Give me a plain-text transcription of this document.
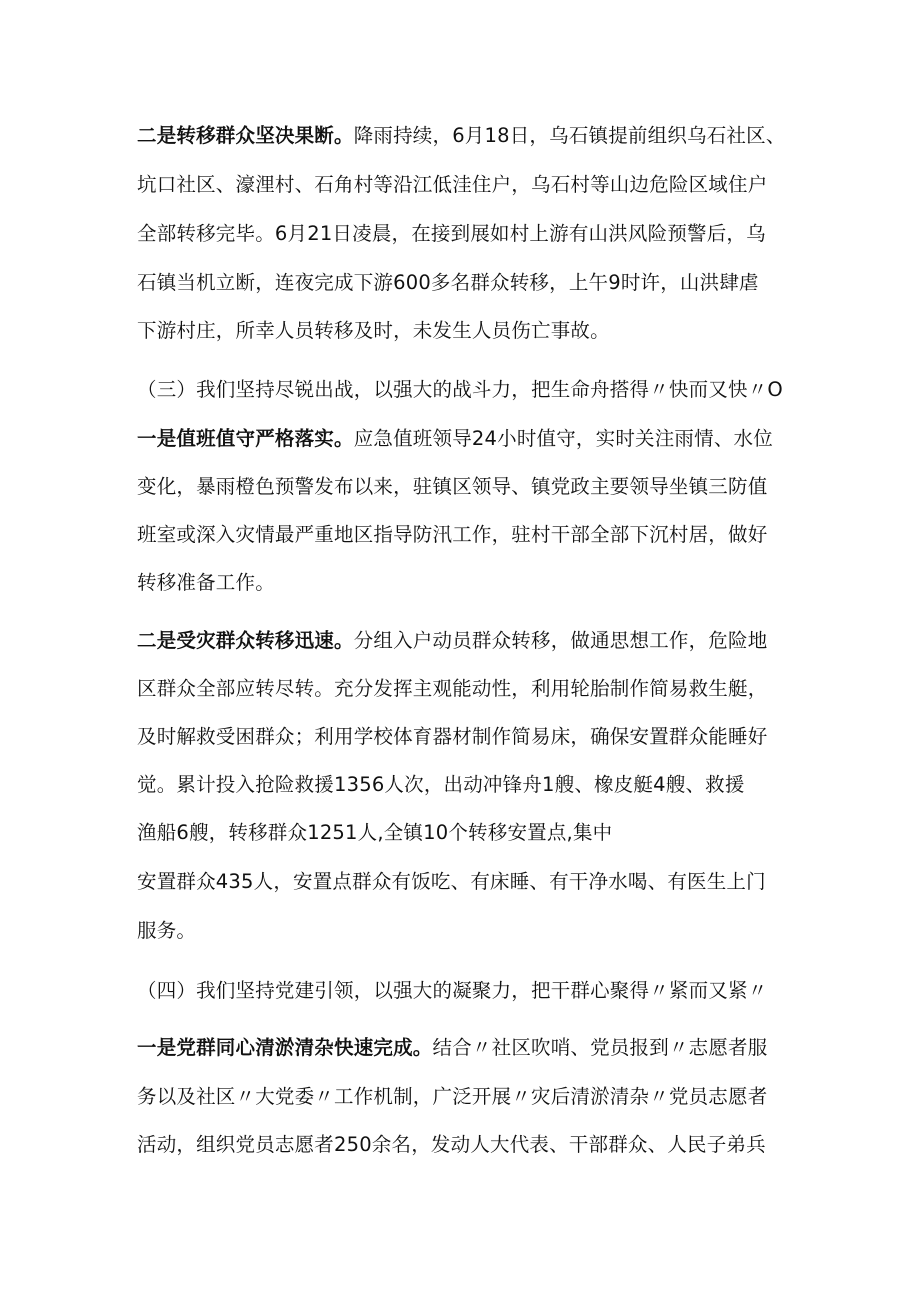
二是转移群众坚决果断。降雨持续，6月18日，乌石镇提前组织乌石社区、
坑口社区、濠浬村、石角村等沿江低洼住户，乌石村等山边危险区域住户
全部转移完毕。6月21日凌晨，在接到展如村上游有山洪风险预警后，乌
石镇当机立断，连夜完成下游600多名群众转移，上午9时许，山洪肆虐
下游村庄，所幸人员转移及时，未发生人员伤亡事故。
（三）我们坚持尽锐出战，以强大的战斗力，把生命舟搭得〃快而又快〃O
一是值班值守严格落实。应急值班领导24小时值守，实时关注雨情、水位
变化，暴雨橙色预警发布以来，驻镇区领导、镇党政主要领导坐镇三防值
班室或深入灾情最严重地区指导防汛工作，驻村干部全部下沉村居，做好
转移准备工作。
二是受灾群众转移迅速。分组入户动员群众转移，做通思想工作，危险地
区群众全部应转尽转。充分发挥主观能动性，利用轮胎制作简易救生艇，
及时解救受困群众；利用学校体育器材制作简易床，确保安置群众能睡好
觉。累计投入抢险救援1356人次，出动冲锋舟1艘、橡皮艇4艘、救援
渔船6艘，转移群众1251人,全镇10个转移安置点,集中
安置群众435人，安置点群众有饭吃、有床睡、有干净水喝、有医生上门
服务。
（四）我们坚持党建引领，以强大的凝聚力，把干群心聚得〃紧而又紧〃
一是党群同心清淤清杂快速完成。结合〃社区吹哨、党员报到〃志愿者服
务以及社区〃大党委〃工作机制，广泛开展〃灾后清淤清杂〃党员志愿者
活动，组织党员志愿者250余名，发动人大代表、干部群众、人民子弟兵
